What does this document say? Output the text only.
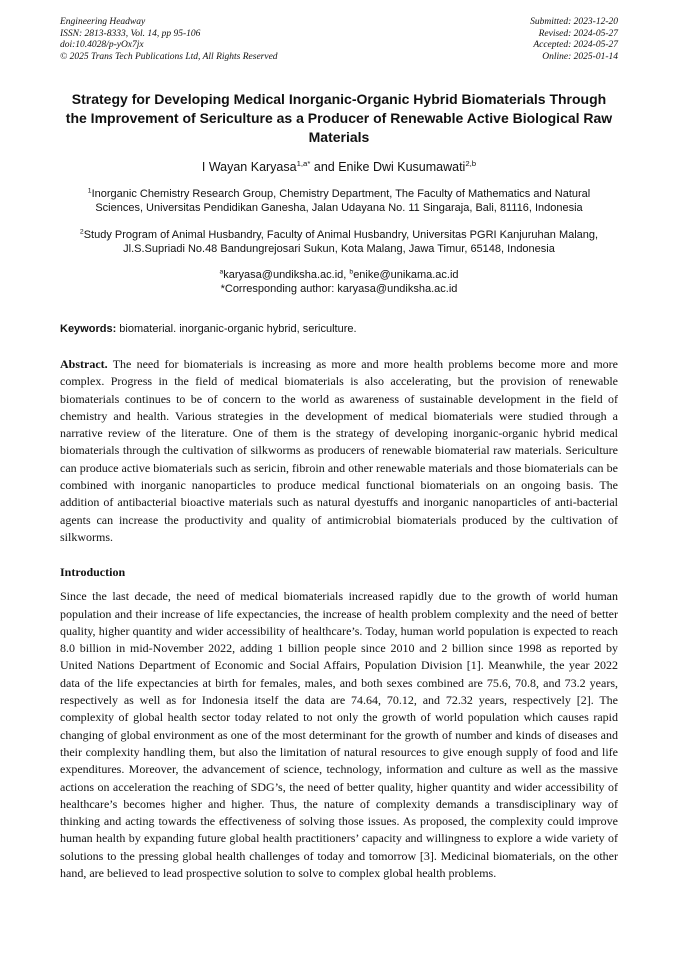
Engineering Headway
ISSN: 2813-8333, Vol. 14, pp 95-106
doi:10.4028/p-yOx7jx
© 2025 Trans Tech Publications Ltd, All Rights Reserved
Submitted: 2023-12-20
Revised: 2024-05-27
Accepted: 2024-05-27
Online: 2025-01-14
Strategy for Developing Medical Inorganic-Organic Hybrid Biomaterials Through the Improvement of Sericulture as a Producer of Renewable Active Biological Raw Materials
I Wayan Karyasa$^{1,a*}$ and Enike Dwi Kusumawati$^{2,b}$
$^1$Inorganic Chemistry Research Group, Chemistry Department, The Faculty of Mathematics and Natural Sciences, Universitas Pendidikan Ganesha, Jalan Udayana No. 11 Singaraja, Bali, 81116, Indonesia
$^2$Study Program of Animal Husbandry, Faculty of Animal Husbandry, Universitas PGRI Kanjuruhan Malang, Jl.S.Supriadi No.48 Bandungrejosari Sukun, Kota Malang, Jawa Timur, 65148, Indonesia
$^a$karyasa@undiksha.ac.id, $^b$enike@unikama.ac.id
*Corresponding author: karyasa@undiksha.ac.id
Keywords: biomaterial. inorganic-organic hybrid, sericulture.
Abstract. The need for biomaterials is increasing as more and more health problems become more and more complex. Progress in the field of medical biomaterials is also accelerating, but the provision of renewable biomaterials continues to be of concern to the world as awareness of sustainable development in the field of chemistry and health. Various strategies in the development of medical biomaterials were studied through a narrative review of the literature. One of them is the strategy of developing inorganic-organic hybrid medical biomaterials through the cultivation of silkworms as producers of renewable biomaterial raw materials. Sericulture can produce active biomaterials such as sericin, fibroin and other renewable materials and those biomaterials can be combined with inorganic nanoparticles to produce medical functional biomaterials on an ongoing basis. The addition of antibacterial bioactive materials such as natural dyestuffs and inorganic nanoparticles of anti-bacterial agents can increase the productivity and quality of antimicrobial biomaterials produced by the cultivation of silkworms.
Introduction
Since the last decade, the need of medical biomaterials increased rapidly due to the growth of world human population and their increase of life expectancies, the increase of health problem complexity and the need of better quality, higher quantity and wider accessibility of healthcare’s. Today, human world population is expected to reach 8.0 billion in mid-November 2022, adding 1 billion people since 2010 and 2 billion since 1998 as reported by United Nations Department of Economic and Social Affairs, Population Division [1]. Meanwhile, the year 2022 data of the life expectancies at birth for females, males, and both sexes combined are 75.6, 70.8, and 73.2 years, respectively as well as for Indonesia itself the data are 74.64, 70.12, and 72.32 years, respectively [2]. The complexity of global health sector today related to not only the growth of world population which causes rapid changing of global environment as one of the most determinant for the growth of number and kinds of diseases and their complexity handling them, but also the limitation of natural resources to give enough supply of food and life expenditures. Moreover, the advancement of science, technology, information and culture as well as the massive actions on acceleration the reaching of SDG’s, the need of better quality, higher quantity and wider accessibility of healthcare’s becomes higher and higher. Thus, the nature of complexity demands a transdisciplinary way of thinking and acting towards the effectiveness of solving those issues. As proposed, the complexity could improve human health by expanding future global health practitioners’ capacity and willingness to explore a wide variety of solutions to the pressing global health challenges of today and tomorrow [3]. Medicinal biomaterials, on the other hand, are believed to lead prospective solution to solve to complex global health problems.
